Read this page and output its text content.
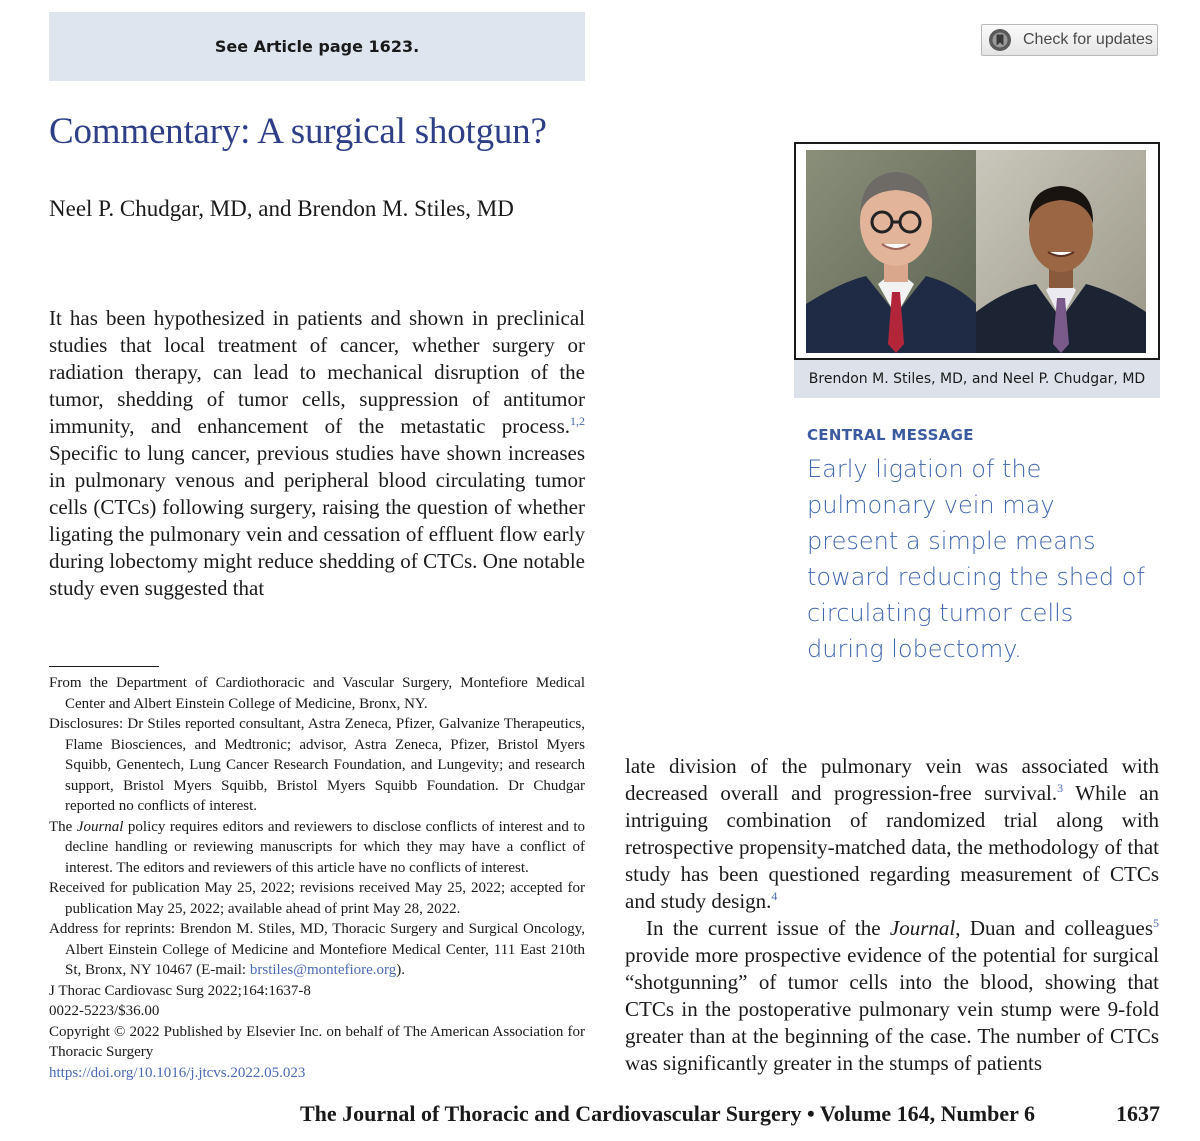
See Article page 1623.	Check for updates
Commentary: A surgical shotgun?
Neel P. Chudgar, MD, and Brendon M. Stiles, MD
It has been hypothesized in patients and shown in preclinical studies that local treatment of cancer, whether surgery or radiation therapy, can lead to mechanical disruption of the tumor, shedding of tumor cells, suppression of antitumor immunity, and enhancement of the metastatic process.$^{1,2}$ Specific to lung cancer, previous studies have shown increases in pulmonary venous and peripheral blood circulating tumor cells (CTCs) following surgery, raising the question of whether ligating the pulmonary vein and cessation of effluent flow early during lobectomy might reduce shedding of CTCs. One notable study even suggested that
Brendon M. Stiles, MD, and Neel P. Chudgar, MD
CENTRAL MESSAGE
Early ligation of the pulmonary vein may present a simple means toward reducing the shed of circulating tumor cells during lobectomy.

From the Department of Cardiothoracic and Vascular Surgery, Montefiore Medical Center and Albert Einstein College of Medicine, Bronx, NY.

Disclosures: Dr Stiles reported consultant, Astra Zeneca, Pfizer, Galvanize Therapeutics, Flame Biosciences, and Medtronic; advisor, Astra Zeneca, Pfizer, Bristol Myers Squibb, Genentech, Lung Cancer Research Foundation, and Lungevity; and research support, Bristol Myers Squibb, Bristol Myers Squibb Foundation. Dr Chudgar reported no conflicts of interest.

The Journal policy requires editors and reviewers to disclose conflicts of interest and to decline handling or reviewing manuscripts for which they may have a conflict of interest. The editors and reviewers of this article have no conflicts of interest.

Received for publication May 25, 2022; revisions received May 25, 2022; accepted for publication May 25, 2022; available ahead of print May 28, 2022.

Address for reprints: Brendon M. Stiles, MD, Thoracic Surgery and Surgical Oncology, Albert Einstein College of Medicine and Montefiore Medical Center, 111 East 210th St, Bronx, NY 10467 (E-mail: brstiles@montefiore.org).

J Thorac Cardiovasc Surg 2022;164:1637-8

0022-5223/$36.00

Copyright © 2022 Published by Elsevier Inc. on behalf of The American Association for Thoracic Surgery

https://doi.org/10.1016/j.jtcvs.2022.05.023

late division of the pulmonary vein was associated with decreased overall and progression-free survival.$^3$ While an intriguing combination of randomized trial along with retrospective propensity-matched data, the methodology of that study has been questioned regarding measurement of CTCs and study design.$^4$
In the current issue of the Journal, Duan and colleagues$^5$ provide more prospective evidence of the potential for surgical “shotgunning” of tumor cells into the blood, showing that CTCs in the postoperative pulmonary vein stump were 9-fold greater than at the beginning of the case. The number of CTCs was significantly greater in the stumps of patients
The Journal of Thoracic and Cardiovascular Surgery • Volume 164, Number 6	1637
